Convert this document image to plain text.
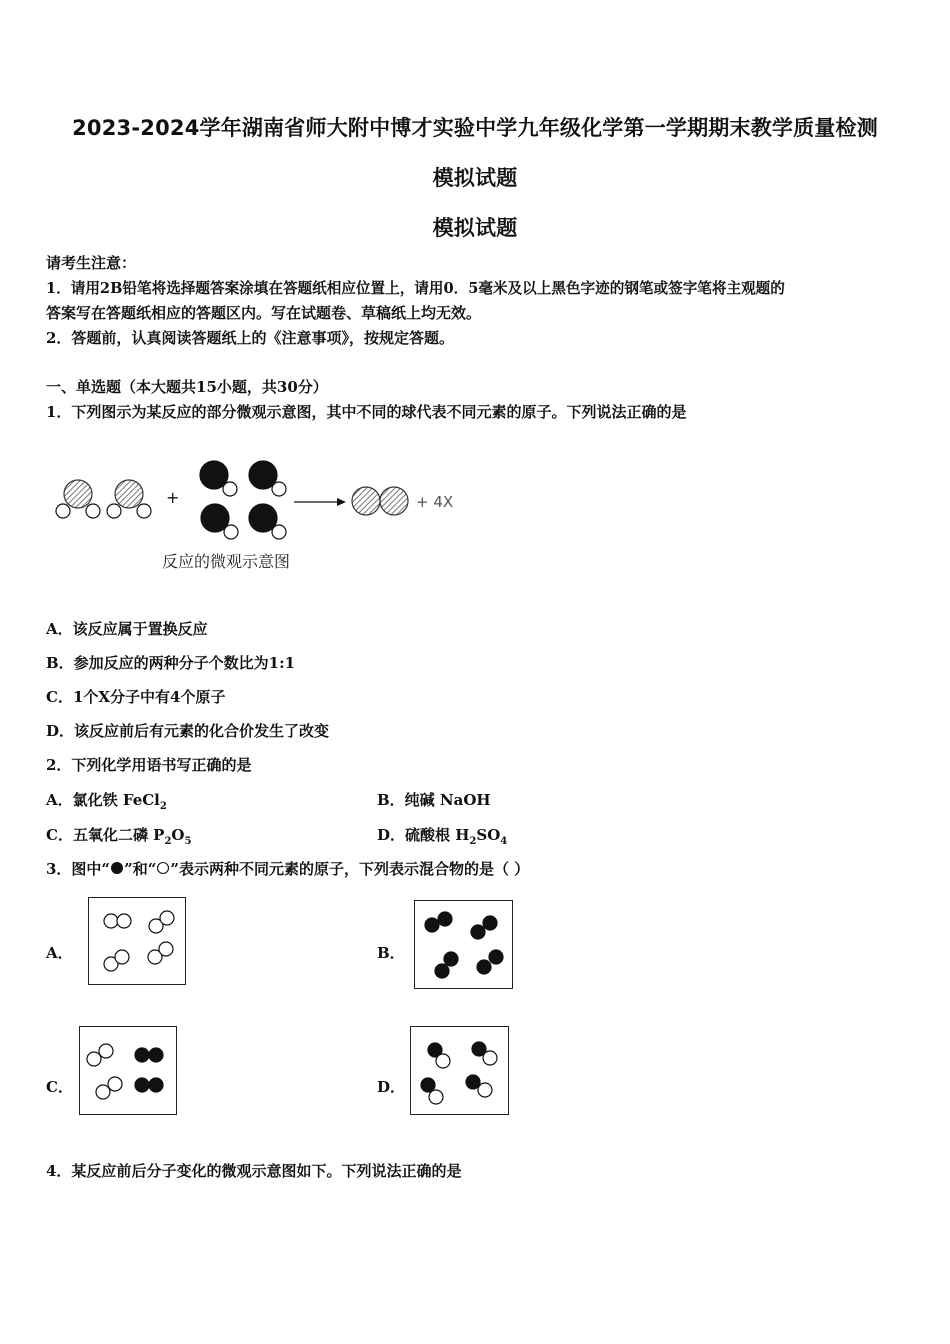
2023-2024学年湖南省师大附中博才实验中学九年级化学第一学期期末教学质量检测
模拟试题
模拟试题
请考生注意：
1．请用2B铅笔将选择题答案涂填在答题纸相应位置上，请用0．5毫米及以上黑色字迹的钢笔或签字笔将主观题的
答案写在答题纸相应的答题区内。写在试题卷、草稿纸上均无效。
2．答题前，认真阅读答题纸上的《注意事项》，按规定答题。
一、单选题（本大题共15小题，共30分）
1．下列图示为某反应的部分微观示意图，其中不同的球代表不同元素的原子。下列说法正确的是
+	+ 4X
反应的微观示意图
A．该反应属于置换反应
B．参加反应的两种分子个数比为1:1
C．1个X分子中有4个原子
D．该反应前后有元素的化合价发生了改变
2．下列化学用语书写正确的是
A．氯化铁 FeCl$_2$	B．纯碱 NaOH
C．五氧化二磷 $P_2O_5$	D．硫酸根 $H_2SO_4$
3．图中“ ”和“ ”表示两种不同元素的原子，下列表示混合物的是（ ）
A．	B．
C．	D．
4．某反应前后分子变化的微观示意图如下。下列说法正确的是
